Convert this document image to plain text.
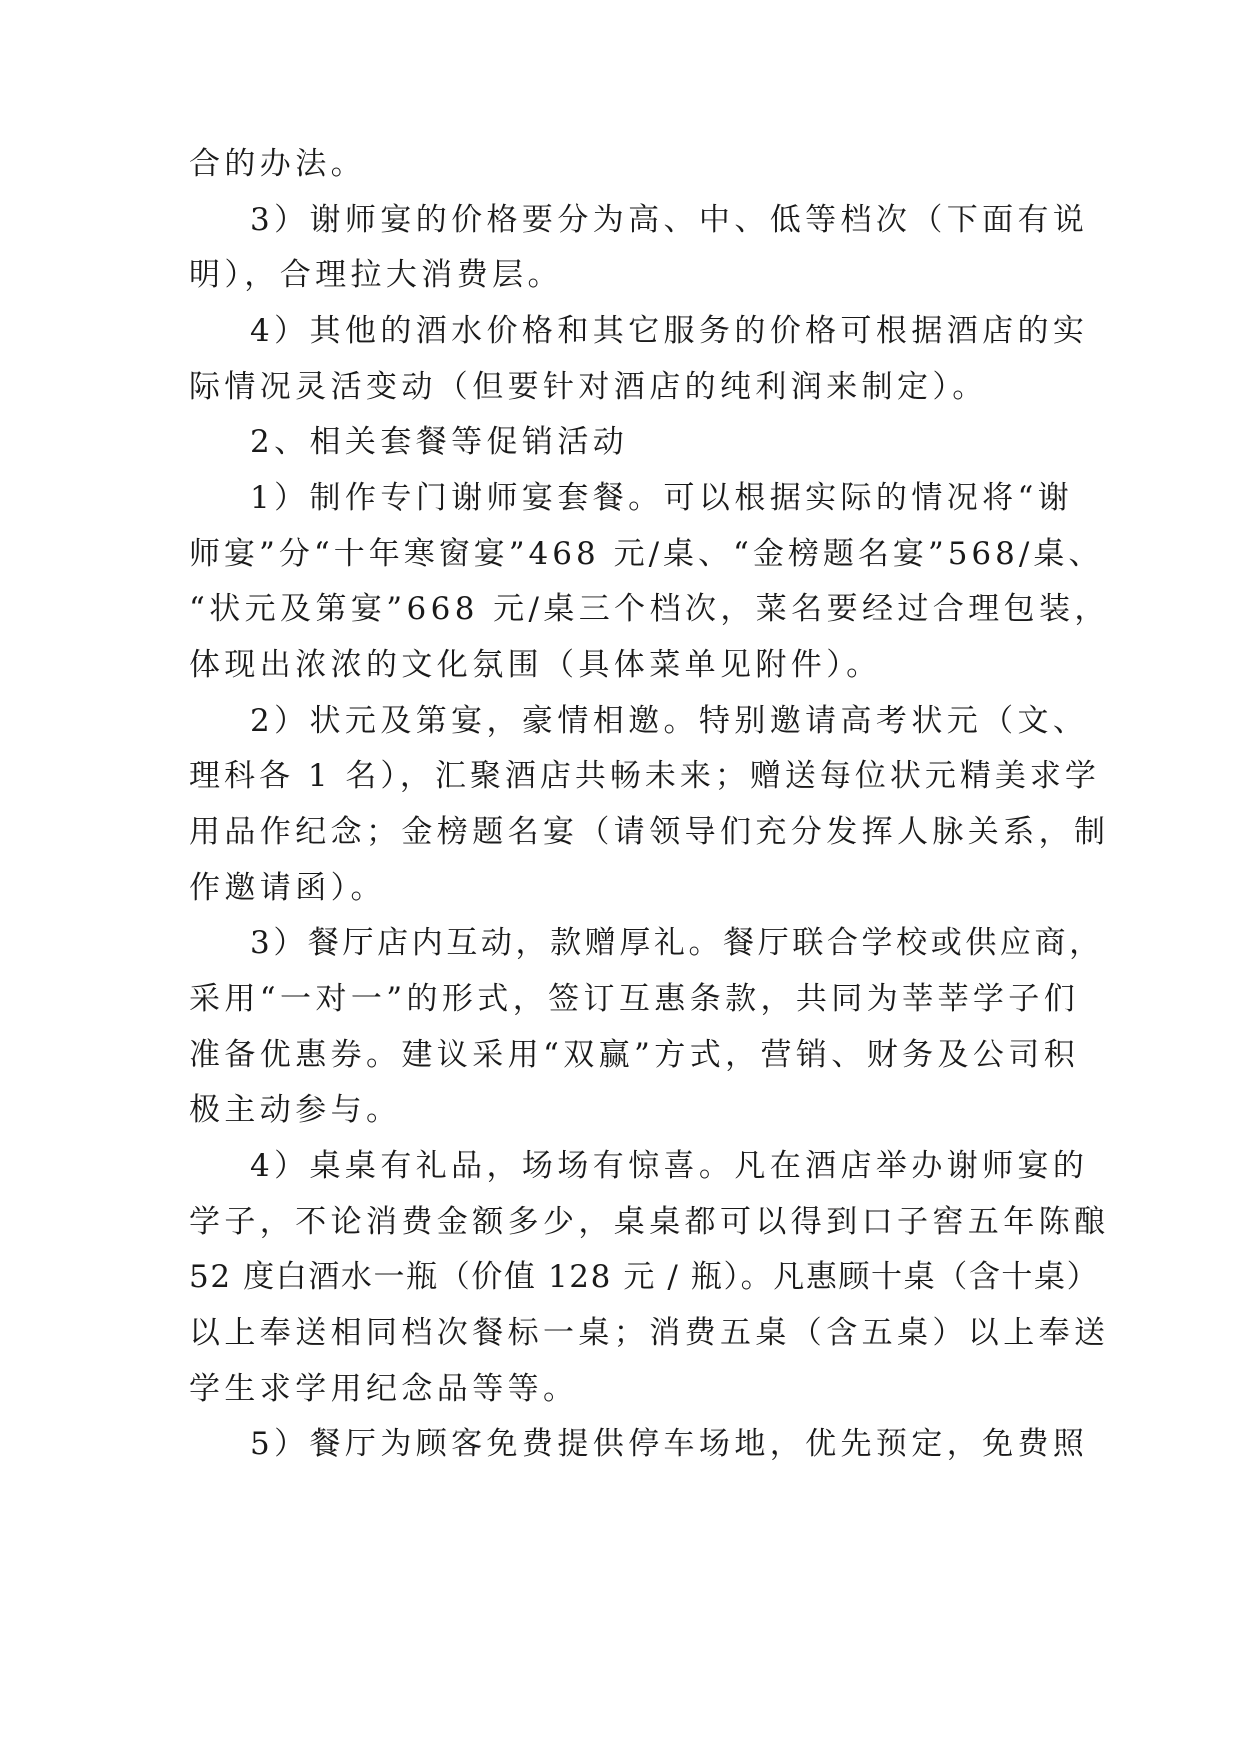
合的办法。
3）谢师宴的价格要分为高、中、低等档次（下面有说
明），合理拉大消费层。
4）其他的酒水价格和其它服务的价格可根据酒店的实
际情况灵活变动（但要针对酒店的纯利润来制定）。
2、相关套餐等促销活动
1）制作专门谢师宴套餐。可以根据实际的情况将“谢
师宴”分“十年寒窗宴”468 元/桌、“金榜题名宴”568/桌、
“状元及第宴”668 元/桌三个档次，菜名要经过合理包装，
体现出浓浓的文化氛围（具体菜单见附件）。
2）状元及第宴，豪情相邀。特别邀请高考状元（文、
理科各 1 名），汇聚酒店共畅未来；赠送每位状元精美求学
用品作纪念；金榜题名宴（请领导们充分发挥人脉关系，制
作邀请函）。
3）餐厅店内互动，款赠厚礼。餐厅联合学校或供应商，
采用“一对一”的形式，签订互惠条款，共同为莘莘学子们
准备优惠券。建议采用“双赢”方式，营销、财务及公司积
极主动参与。
4）桌桌有礼品，场场有惊喜。凡在酒店举办谢师宴的
学子，不论消费金额多少，桌桌都可以得到口子窖五年陈酿
52 度白酒水一瓶（价值 128 元 / 瓶）。凡惠顾十桌（含十桌）
以上奉送相同档次餐标一桌；消费五桌（含五桌）以上奉送
学生求学用纪念品等等。
5）餐厅为顾客免费提供停车场地，优先预定，免费照
